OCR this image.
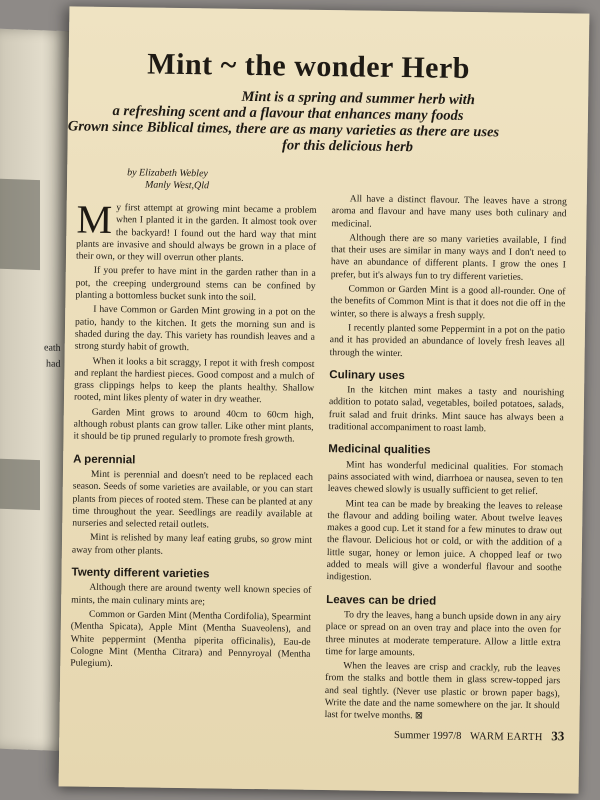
eath
had
Mint ~ the wonder Herb
Mint is a spring and summer herb with
a refreshing scent and a flavour that enhances many foods
Grown since Biblical times, there are as many varieties as there are uses
for this delicious herb
by Elizabeth Webley
Manly West,Qld

My first attempt at growing mint became a problem when I planted it in the garden. It almost took over the backyard! I found out the hard way that mint plants are invasive and should always be grown in a place of their own, or they will overrun other plants.

If you prefer to have mint in the garden rather than in a pot, the creeping underground stems can be confined by planting a bottomless bucket sunk into the soil.

I have Common or Garden Mint growing in a pot on the patio, handy to the kitchen. It gets the morning sun and is shaded during the day. This variety has roundish leaves and a strong sturdy habit of growth.

When it looks a bit scraggy, I repot it with fresh compost and replant the hardiest pieces. Good compost and a mulch of grass clippings helps to keep the plants healthy. Shallow rooted, mint likes plenty of water in dry weather.

Garden Mint grows to around 40cm to 60cm high, although robust plants can grow taller. Like other mint plants, it should be tip pruned regularly to promote fresh growth.

A perennial

Mint is perennial and doesn't need to be replaced each season. Seeds of some varieties are available, or you can start plants from pieces of rooted stem. These can be planted at any time throughout the year. Seedlings are readily available at nurseries and selected retail outlets.

Mint is relished by many leaf eating grubs, so grow mint away from other plants.

Twenty different varieties

Although there are around twenty well known species of mints, the main culinary mints are;

Common or Garden Mint (Mentha Cordifolia), Spearmint (Mentha Spicata), Apple Mint (Mentha Suaveolens), and White peppermint (Mentha piperita officinalis), Eau-de Cologne Mint (Mentha Citrara) and Pennyroyal (Mentha Pulegium).

All have a distinct flavour. The leaves have a strong aroma and flavour and have many uses both culinary and medicinal.

Although there are so many varieties available, I find that their uses are similar in many ways and I don't need to have an abundance of different plants. I grow the ones I prefer, but it's always fun to try different varieties.

Common or Garden Mint is a good all-rounder. One of the benefits of Common Mint is that it does not die off in the winter, so there is always a fresh supply.

I recently planted some Peppermint in a pot on the patio and it has provided an abundance of lovely fresh leaves all through the winter.

Culinary uses

In the kitchen mint makes a tasty and nourishing addition to potato salad, vegetables, boiled potatoes, salads, fruit salad and fruit drinks. Mint sauce has always been a traditional accompaniment to roast lamb.

Medicinal qualities

Mint has wonderful medicinal qualities. For stomach pains associated with wind, diarrhoea or nausea, seven to ten leaves chewed slowly is usually sufficient to get relief.

Mint tea can be made by breaking the leaves to release the flavour and adding boiling water. About twelve leaves makes a good cup. Let it stand for a few minutes to draw out the flavour. Delicious hot or cold, or with the addition of a little sugar, honey or lemon juice. A chopped leaf or two added to meals will give a wonderful flavour and soothe indigestion.

Leaves can be dried

To dry the leaves, hang a bunch upside down in any airy place or spread on an oven tray and place into the oven for three minutes at moderate temperature. Allow a little extra time for large amounts.

When the leaves are crisp and crackly, rub the leaves from the stalks and bottle them in glass screw-topped jars and seal tightly. (Never use plastic or brown paper bags), Write the date and the name somewhere on the jar. It should last for twelve months. ⊠

Summer 1997/8 WARM EARTH 33
